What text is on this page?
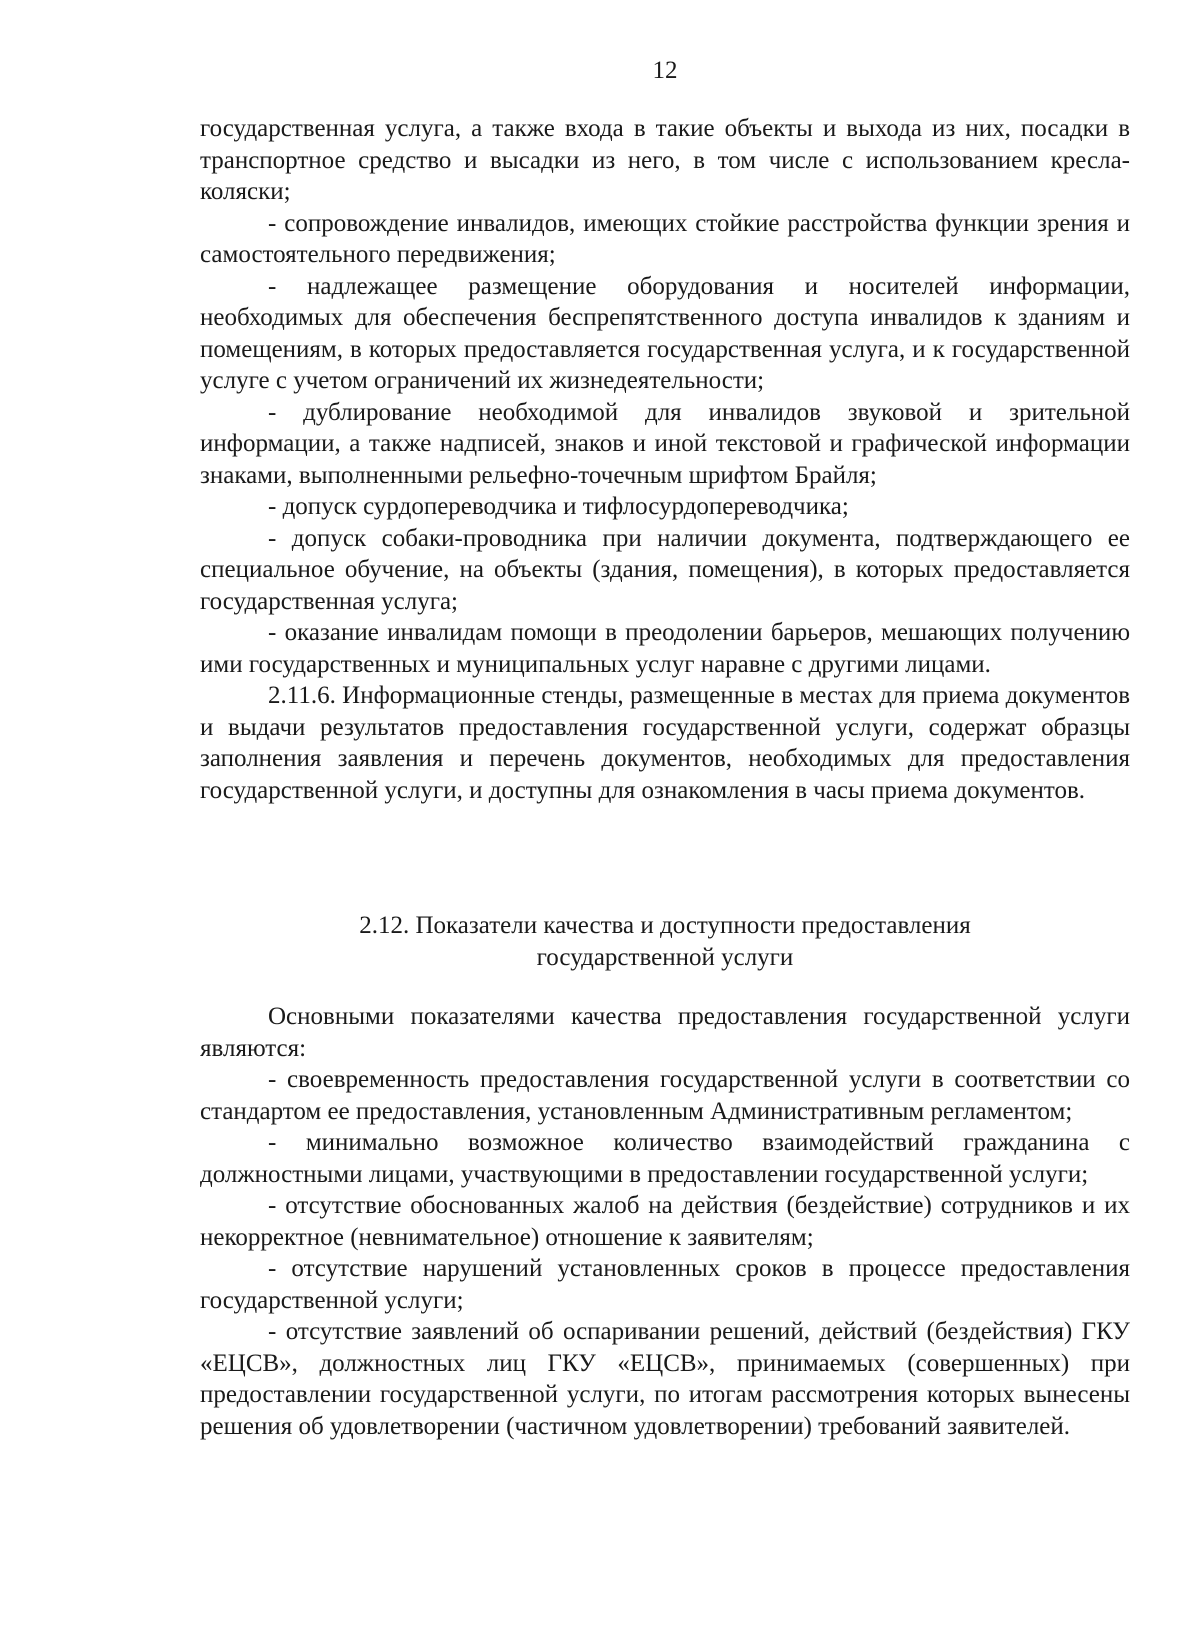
12

государственная услуга, а также входа в такие объекты и выхода из них, посадки в транспортное средство и высадки из него, в том числе с использованием кресла-коляски;

- сопровождение инвалидов, имеющих стойкие расстройства функции зрения и самостоятельного передвижения;

- надлежащее размещение оборудования и носителей информации, необходимых для обеспечения беспрепятственного доступа инвалидов к зданиям и помещениям, в которых предоставляется государственная услуга, и к государственной услуге с учетом ограничений их жизнедеятельности;

- дублирование необходимой для инвалидов звуковой и зрительной информации, а также надписей, знаков и иной текстовой и графической информации знаками, выполненными рельефно-точечным шрифтом Брайля;

- допуск сурдопереводчика и тифлосурдопереводчика;

- допуск собаки-проводника при наличии документа, подтверждающего ее специальное обучение, на объекты (здания, помещения), в которых предоставляется государственная услуга;

- оказание инвалидам помощи в преодолении барьеров, мешающих получению ими государственных и муниципальных услуг наравне с другими лицами.

2.11.6. Информационные стенды, размещенные в местах для приема документов и выдачи результатов предоставления государственной услуги, содержат образцы заполнения заявления и перечень документов, необходимых для предоставления государственной услуги, и доступны для ознакомления в часы приема документов.

2.12. Показатели качества и доступности предоставления
государственной услуги

Основными показателями качества предоставления государственной услуги являются:

- своевременность предоставления государственной услуги в соответствии со стандартом ее предоставления, установленным Административным регламентом;

- минимально возможное количество взаимодействий гражданина с должностными лицами, участвующими в предоставлении государственной услуги;

- отсутствие обоснованных жалоб на действия (бездействие) сотрудников и их некорректное (невнимательное) отношение к заявителям;

- отсутствие нарушений установленных сроков в процессе предоставления государственной услуги;

- отсутствие заявлений об оспаривании решений, действий (бездействия) ГКУ «ЕЦСВ», должностных лиц ГКУ «ЕЦСВ», принимаемых (совершенных) при предоставлении государственной услуги, по итогам рассмотрения которых вынесены решения об удовлетворении (частичном удовлетворении) требований заявителей.
